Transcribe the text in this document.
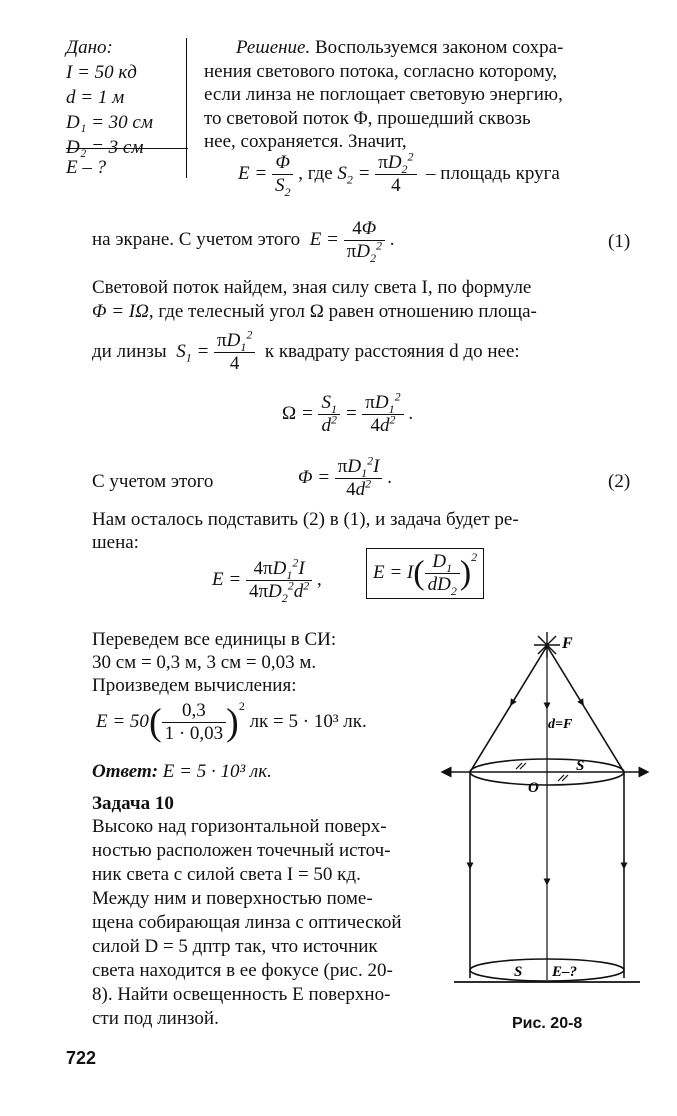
Дано:
I = 50 кд
d = 1 м
D₁ = 30 см
D₂ = 3 см
E – ?
Решение. Воспользуемся законом сохра-
нения светового потока, согласно которому,
если линза не поглощает световую энергию,
то световой поток Φ, прошедший сквозь
нее, сохраняется. Значит,
$E = \frac{\Phi}{S_2}$ , где $S_2 = \frac{\pi D_2^2}{4}$ – площадь круга
на экране. С учетом этого  $E = \frac{4\Phi}{\pi D_2^2}$ .	(1)
Световой поток найдем, зная силу света I, по формуле
Φ = IΩ, где телесный угол Ω равен отношению площа-
ди линзы  $S_1 = \frac{\pi D_1^2}{4}$ к квадрату расстояния d до нее:
$\Omega = \frac{S_1}{d^2} = \frac{\pi D_1^2}{4d^2}$ .
С учетом этого	$\Phi = \frac{\pi D_1^2I}{4d^2}$ .	(2)
Нам осталось подставить (2) в (1), и задача будет ре-
шена:
$E = \frac{4\pi D_1^2I}{4\pi D_2^2d^2}$ ,	$E = I( \frac{D_1}{dD_2} )^2$
Переведем все единицы в СИ:
30 см = 0,3 м, 3 см = 0,03 м.
Произведем вычисления:
$E = 50( \frac{0,3}{1 \cdot 0,03} )^2$ лк = 5 · 10³ лк.
Ответ: E = 5 · 10³ лк.
Задача 10
Высоко над горизонтальной поверх-
ностью расположен точечный источ-
ник света с силой света I = 50 кд.
Между ним и поверхностью поме-
щена собирающая линза с оптической
силой D = 5 дптр так, что источник
света находится в ее фокусе (рис. 20-
8). Найти освещенность E поверхно-
сти под линзой.
F
d=F
S
O
S E–?
Рис. 20-8
722
